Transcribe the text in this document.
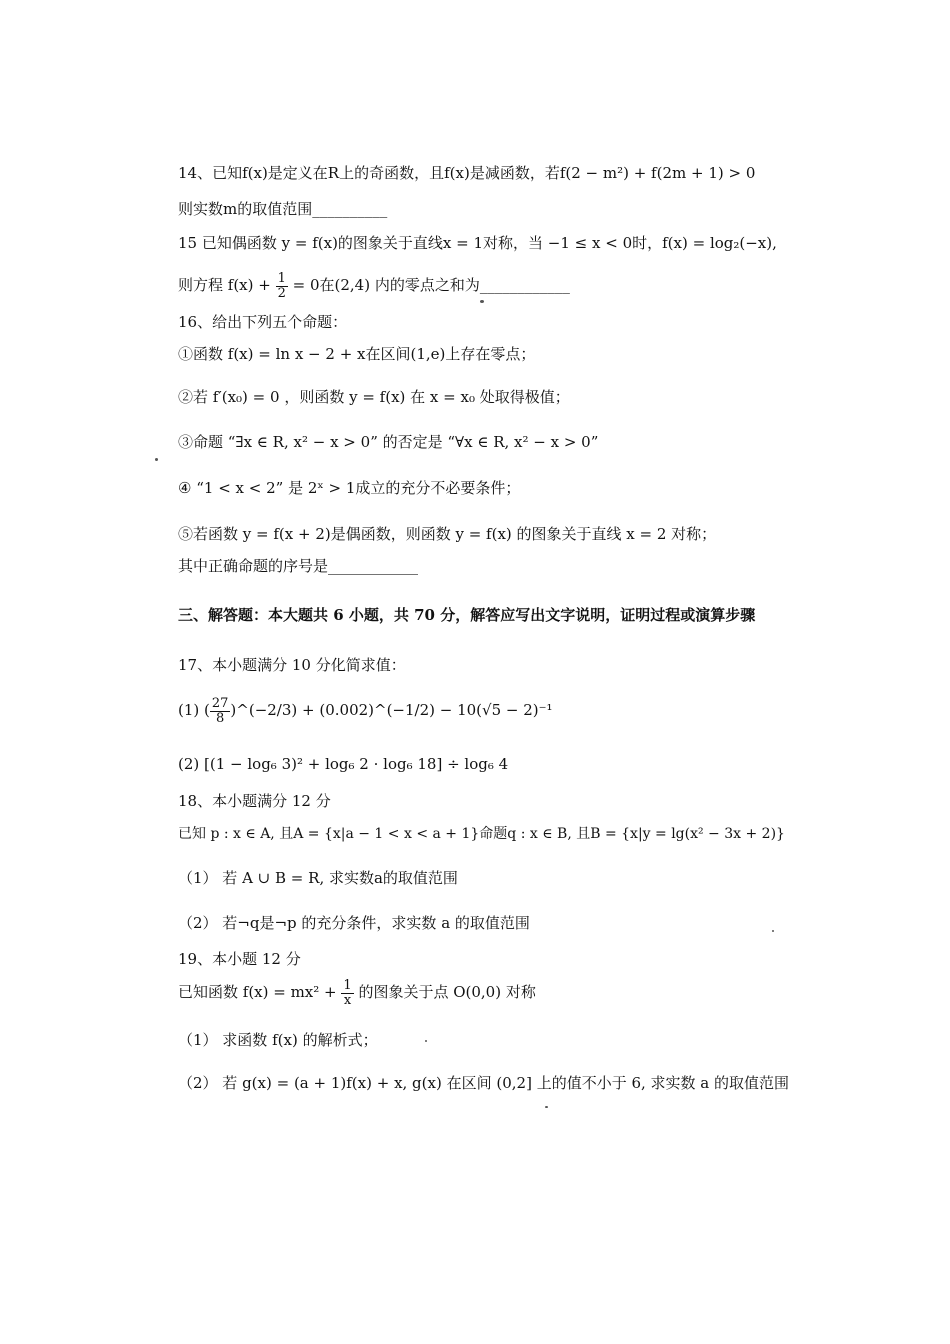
14、已知f(x)是定义在R上的奇函数，且f(x)是减函数，若f(2 − m²) + f(2m + 1) > 0
则实数m的取值范围__________
15 已知偶函数 y = f(x)的图象关于直线x = 1对称，当 −1 ≤ x < 0时，f(x) = log₂(−x),
则方程 $f(x) + \frac{1}{2} = 0$在(2,4) 内的零点之和为____________
16、给出下列五个命题：
①函数 f(x) = ln x − 2 + x在区间(1,e)上存在零点；
②若 f′(x₀) = 0 ，则函数 y = f(x) 在 x = x₀ 处取得极值；
③命题 “∃x ∈ R, x² − x > 0” 的否定是 “∀x ∈ R, x² − x > 0”
④ “1 < x < 2” 是 2ˣ > 1成立的充分不必要条件；
⑤若函数 y = f(x + 2)是偶函数，则函数 y = f(x) 的图象关于直线 x = 2 对称；
其中正确命题的序号是____________
三、解答题：本大题共 6 小题，共 70 分，解答应写出文字说明，证明过程或演算步骤
17、本小题满分 10 分化简求值：
(1) ( $\frac{27}{8}$ )^(−2/3) + (0.002)^(−1/2) − 10(√5 − 2)⁻¹
(2) [(1 − log₆ 3)² + log₆ 2 · log₆ 18] ÷ log₆ 4
18、本小题满分 12 分
已知 p : x ∈ A, 且A = {x|a − 1 < x < a + 1}命题q : x ∈ B, 且B = {x|y = lg(x² − 3x + 2)}
（1） 若 A ∪ B = R, 求实数a的取值范围
（2） 若¬q是¬p 的充分条件，求实数 a 的取值范围
19、本小题 12 分
已知函数 $f(x) = mx^2 + \frac{1}{x}$ 的图象关于点 O(0,0) 对称
（1） 求函数 f(x) 的解析式；
（2） 若 g(x) = (a + 1)f(x) + x, g(x) 在区间 (0,2] 上的值不小于 6, 求实数 a 的取值范围
